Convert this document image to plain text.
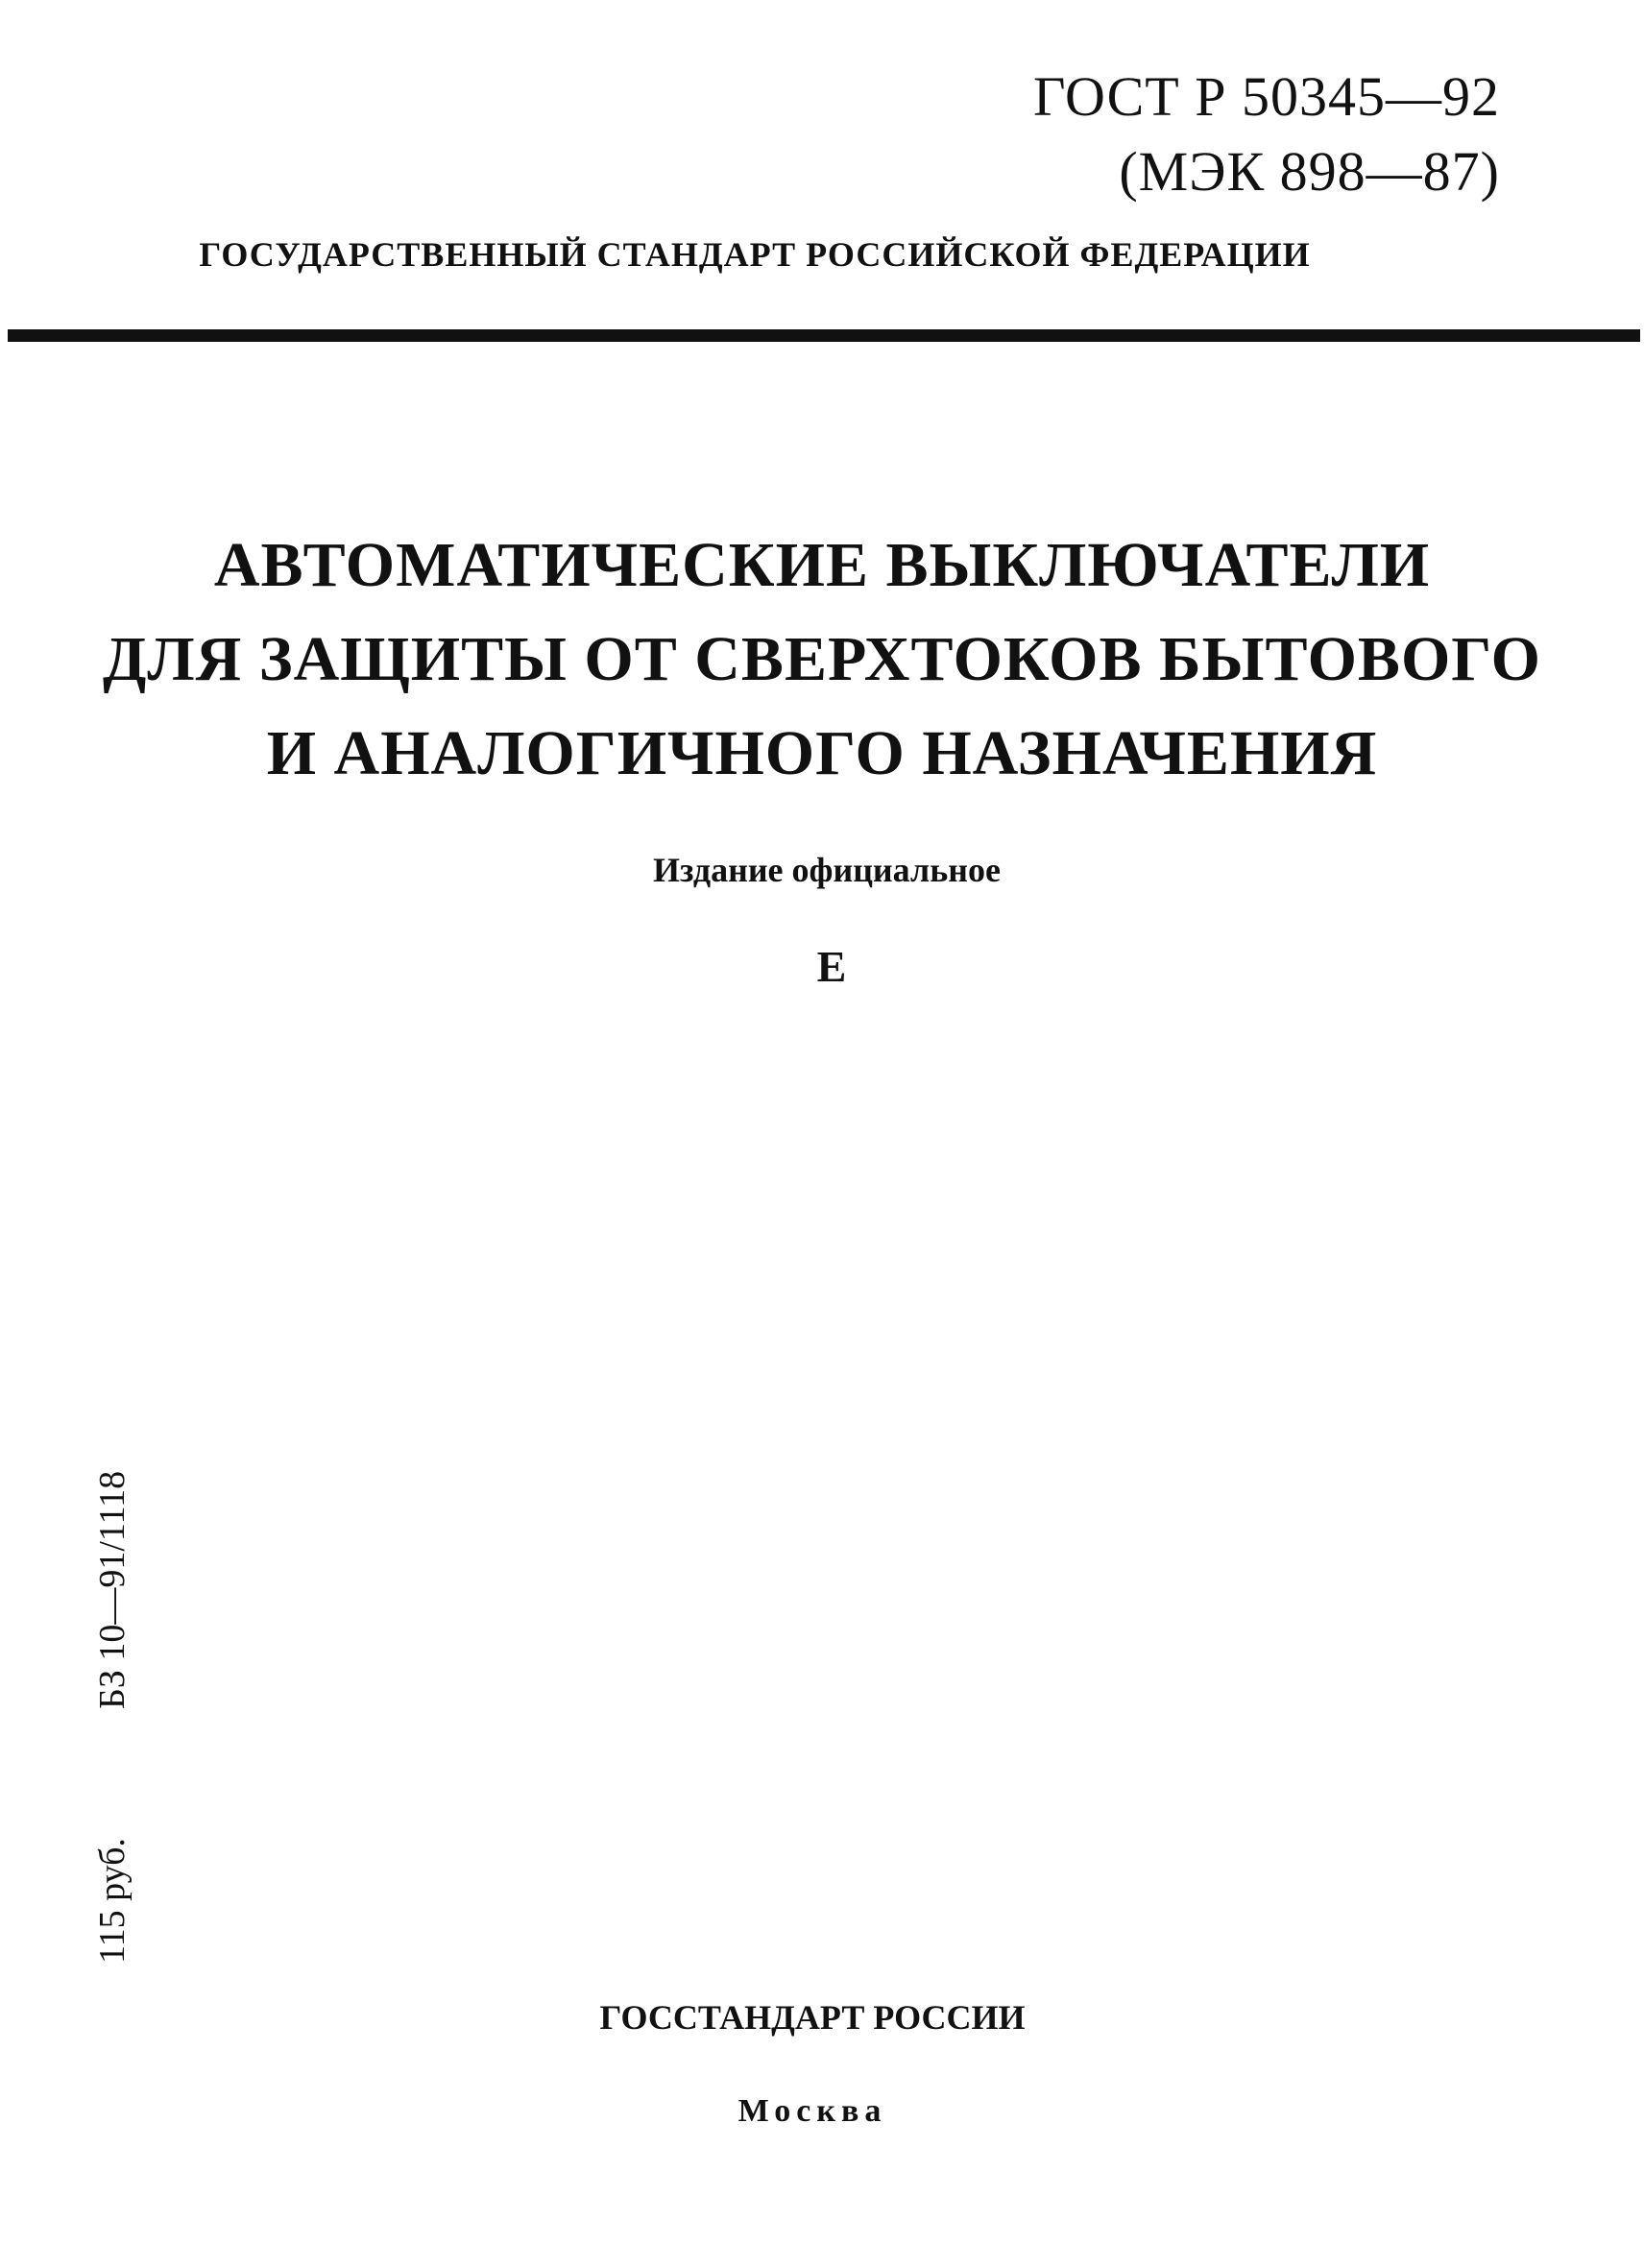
ГОСТ Р 50345—92
(МЭК 898—87)
ГОСУДАРСТВЕННЫЙ СТАНДАРТ РОССИЙСКОЙ ФЕДЕРАЦИИ
АВТОМАТИЧЕСКИЕ ВЫКЛЮЧАТЕЛИ
ДЛЯ ЗАЩИТЫ ОТ СВЕРХТОКОВ БЫТОВОГО
И АНАЛОГИЧНОГО НАЗНАЧЕНИЯ
Издание официальное
Е
115 руб.
БЗ 10—91/1118
ГОССТАНДАРТ РОССИИ
Москва
